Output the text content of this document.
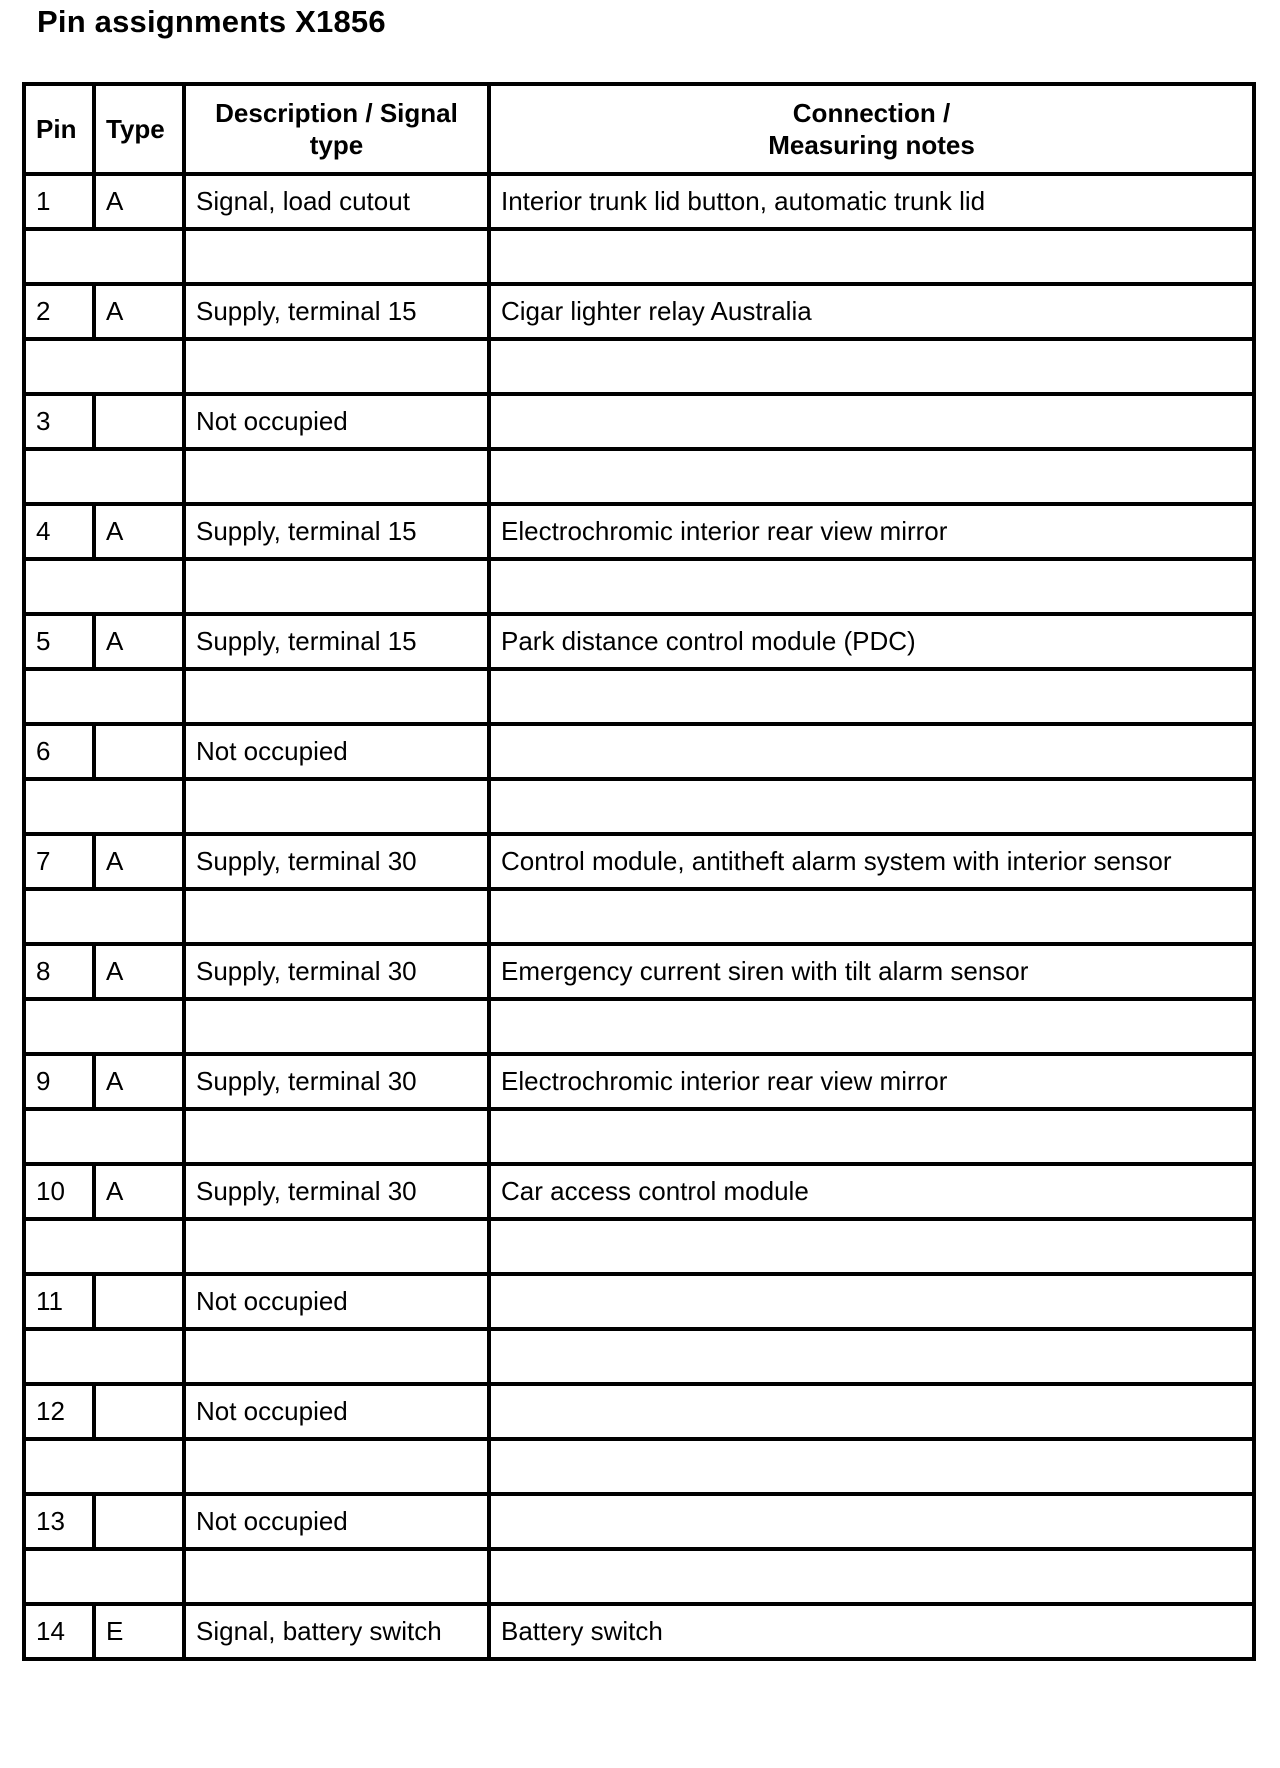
Pin assignments X1856
Pin	Type	Description / Signal type	Connection /
Measuring notes
1	A	Signal, load cutout	Interior trunk lid button, automatic trunk lid

2	A	Supply, terminal 15	Cigar lighter relay Australia

3		Not occupied	

4	A	Supply, terminal 15	Electrochromic interior rear view mirror

5	A	Supply, terminal 15	Park distance control module (PDC)

6		Not occupied	

7	A	Supply, terminal 30	Control module, antitheft alarm system with interior sensor

8	A	Supply, terminal 30	Emergency current siren with tilt alarm sensor

9	A	Supply, terminal 30	Electrochromic interior rear view mirror

10	A	Supply, terminal 30	Car access control module

11		Not occupied	

12		Not occupied	

13		Not occupied	

14	E	Signal, battery switch	Battery switch
